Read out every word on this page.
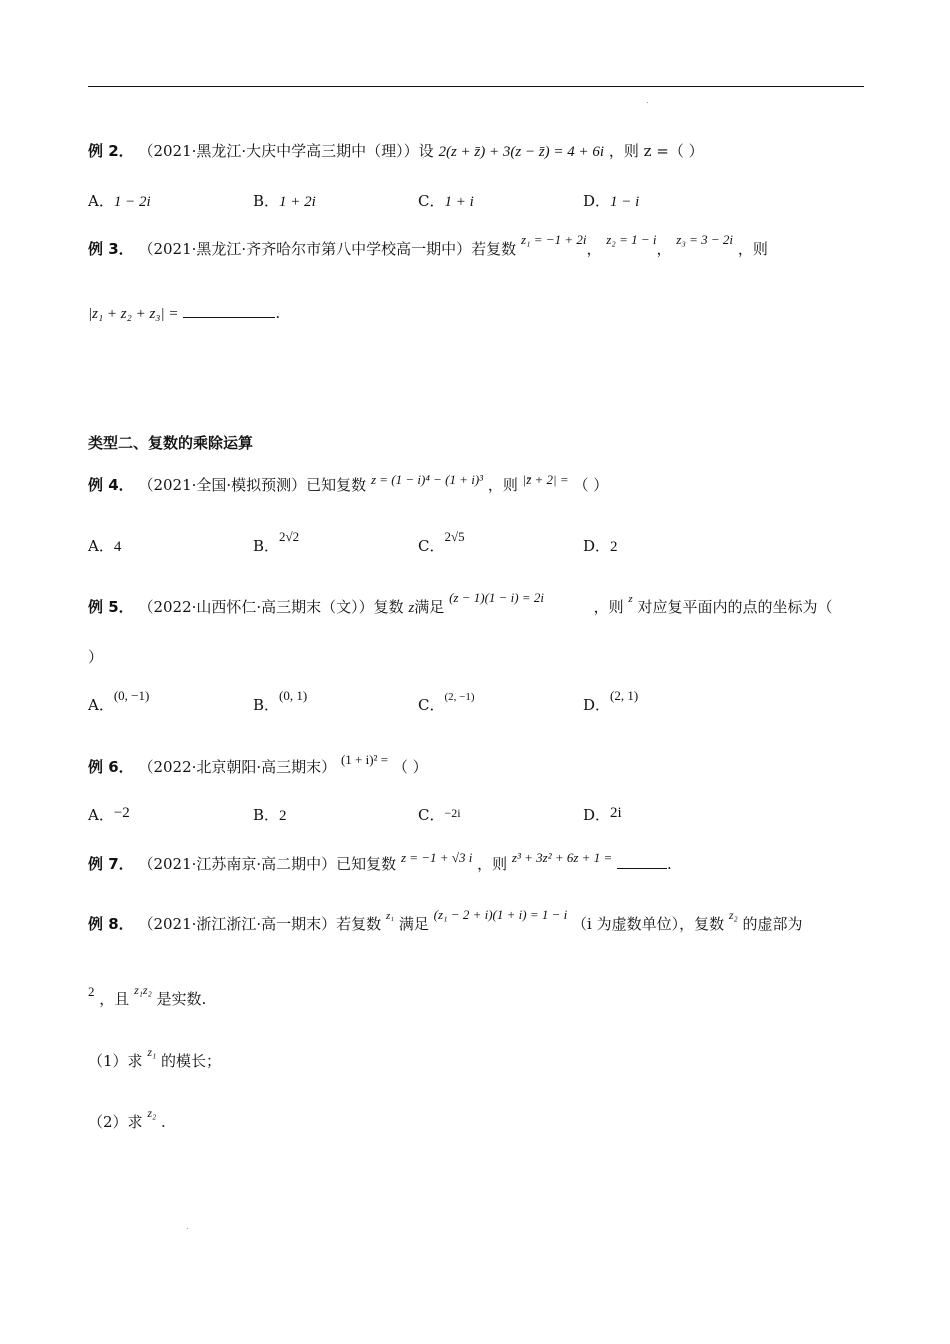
.
例 2． （2021·黑龙江·大庆中学高三期中（理））设 2(z + z̄) + 3(z − z̄) = 4 + 6i ，则 z =（ ）
A．1 − 2i	B．1 + 2i	C．1 + i	D．1 − i
例 3． （2021·黑龙江·齐齐哈尔市第八中学校高一期中）若复数 z₁ = −1 + 2i， z₂ = 1 − i， z₃ = 3 − 2i ，则
|z₁ + z₂ + z₃| =	.
类型二、复数的乘除运算
例 4． （2021·全国·模拟预测）已知复数 z = (1 − i)⁴ − (1 + i)³ ，则 |z̄ + 2| = （ ）
A．4	B．2√2
C．2√5
D．2
例 5． （2022·山西怀仁·高三期末（文））复数 z满足 (z − 1)(1 − i) = 2i  ，则 $^z$ 对应复平面内的点的坐标为（
）
A．(0, −1)
B．(0, 1)
C．$^{(2, -1)}$	D．(2, 1)
例 6． （2022·北京朝阳·高三期末） (1 + i)² = （ ）
A．−2	B．2	C．$^{-2i}$	D．2i
例 7． （2021·江苏南京·高二期中）已知复数 z = −1 + √3 i ，则 z³ + 3z² + 6z + 1 =	.
例 8． （2021·浙江浙江·高一期末）若复数 $^{z_1}$ 满足 (z₁ − 2 + i)(1 + i) = 1 − i （i 为虚数单位），复数 $^{z_2}$ 的虚部为
2 ，且 $^{z_1z_2}$ 是实数.
（1）求 $^{z_1}$ 的模长；
（2）求 $^{z_2}$ .
.
